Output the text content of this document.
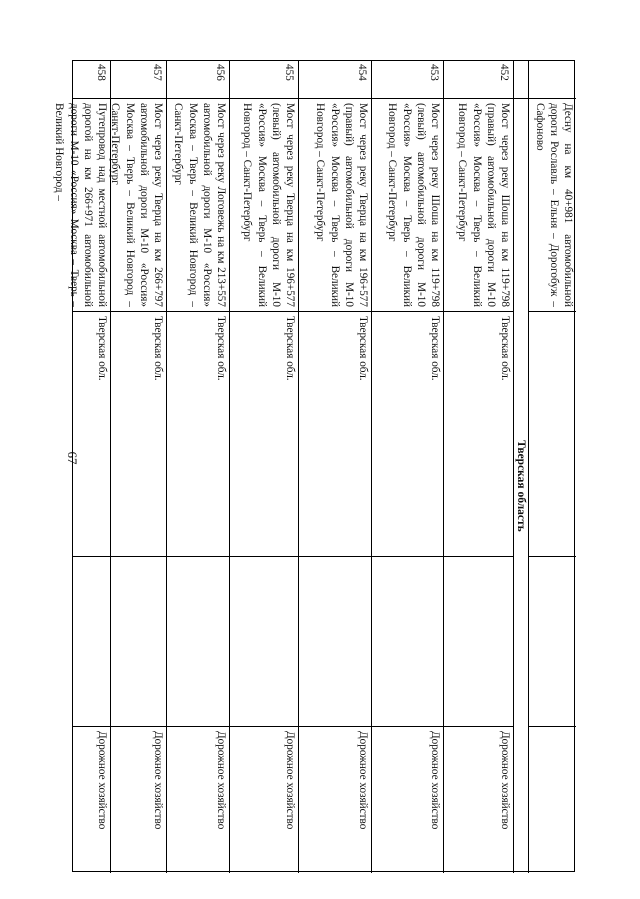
67
Десну на км 40+981 автомобильной дороги Рославль – Ельня – Дорогобуж – Сафоново
Тверская область
452
Мост через реку Шоша на км 119+798 (правый) автомобильной дороги М-10 «Россия» Москва – Тверь – Великий Новгород – Санкт-Петербург
Тверская обл.
Дорожное хозяйство
453
Мост через реку Шоша на км 119+798 (левый) автомобильной дороги М-10 «Россия» Москва – Тверь – Великий Новгород – Санкт-Петербург
Тверская обл.
Дорожное хозяйство
454
Мост через реку Тверца на км 196+577 (правый) автомобильной дороги М-10 «Россия» Москва – Тверь – Великий Новгород – Санкт-Петербург
Тверская обл.
Дорожное хозяйство
455
Мост через реку Тверца на км 196+577 (левый) автомобильной дороги М-10 «Россия» Москва – Тверь – Великий Новгород – Санкт-Петербург
Тверская обл.
Дорожное хозяйство
456
Мост через реку Логовежь на км 213+557 автомобильной дороги М-10 «Россия» Москва – Тверь – Великий Новгород – Санкт-Петербург
Тверская обл.
Дорожное хозяйство
457
Мост через реку Тверца на км 266+797 автомобильной дороги М-10 «Россия» Москва – Тверь – Великий Новгород – Санкт-Петербург
Тверская обл.
Дорожное хозяйство
458
Путепровод над местной автомобильной дорогой на км 266+971 автомобильной дороги М-10 «Россия» Москва – Тверь – Великий Новгород –
Тверская обл.
Дорожное хозяйство
